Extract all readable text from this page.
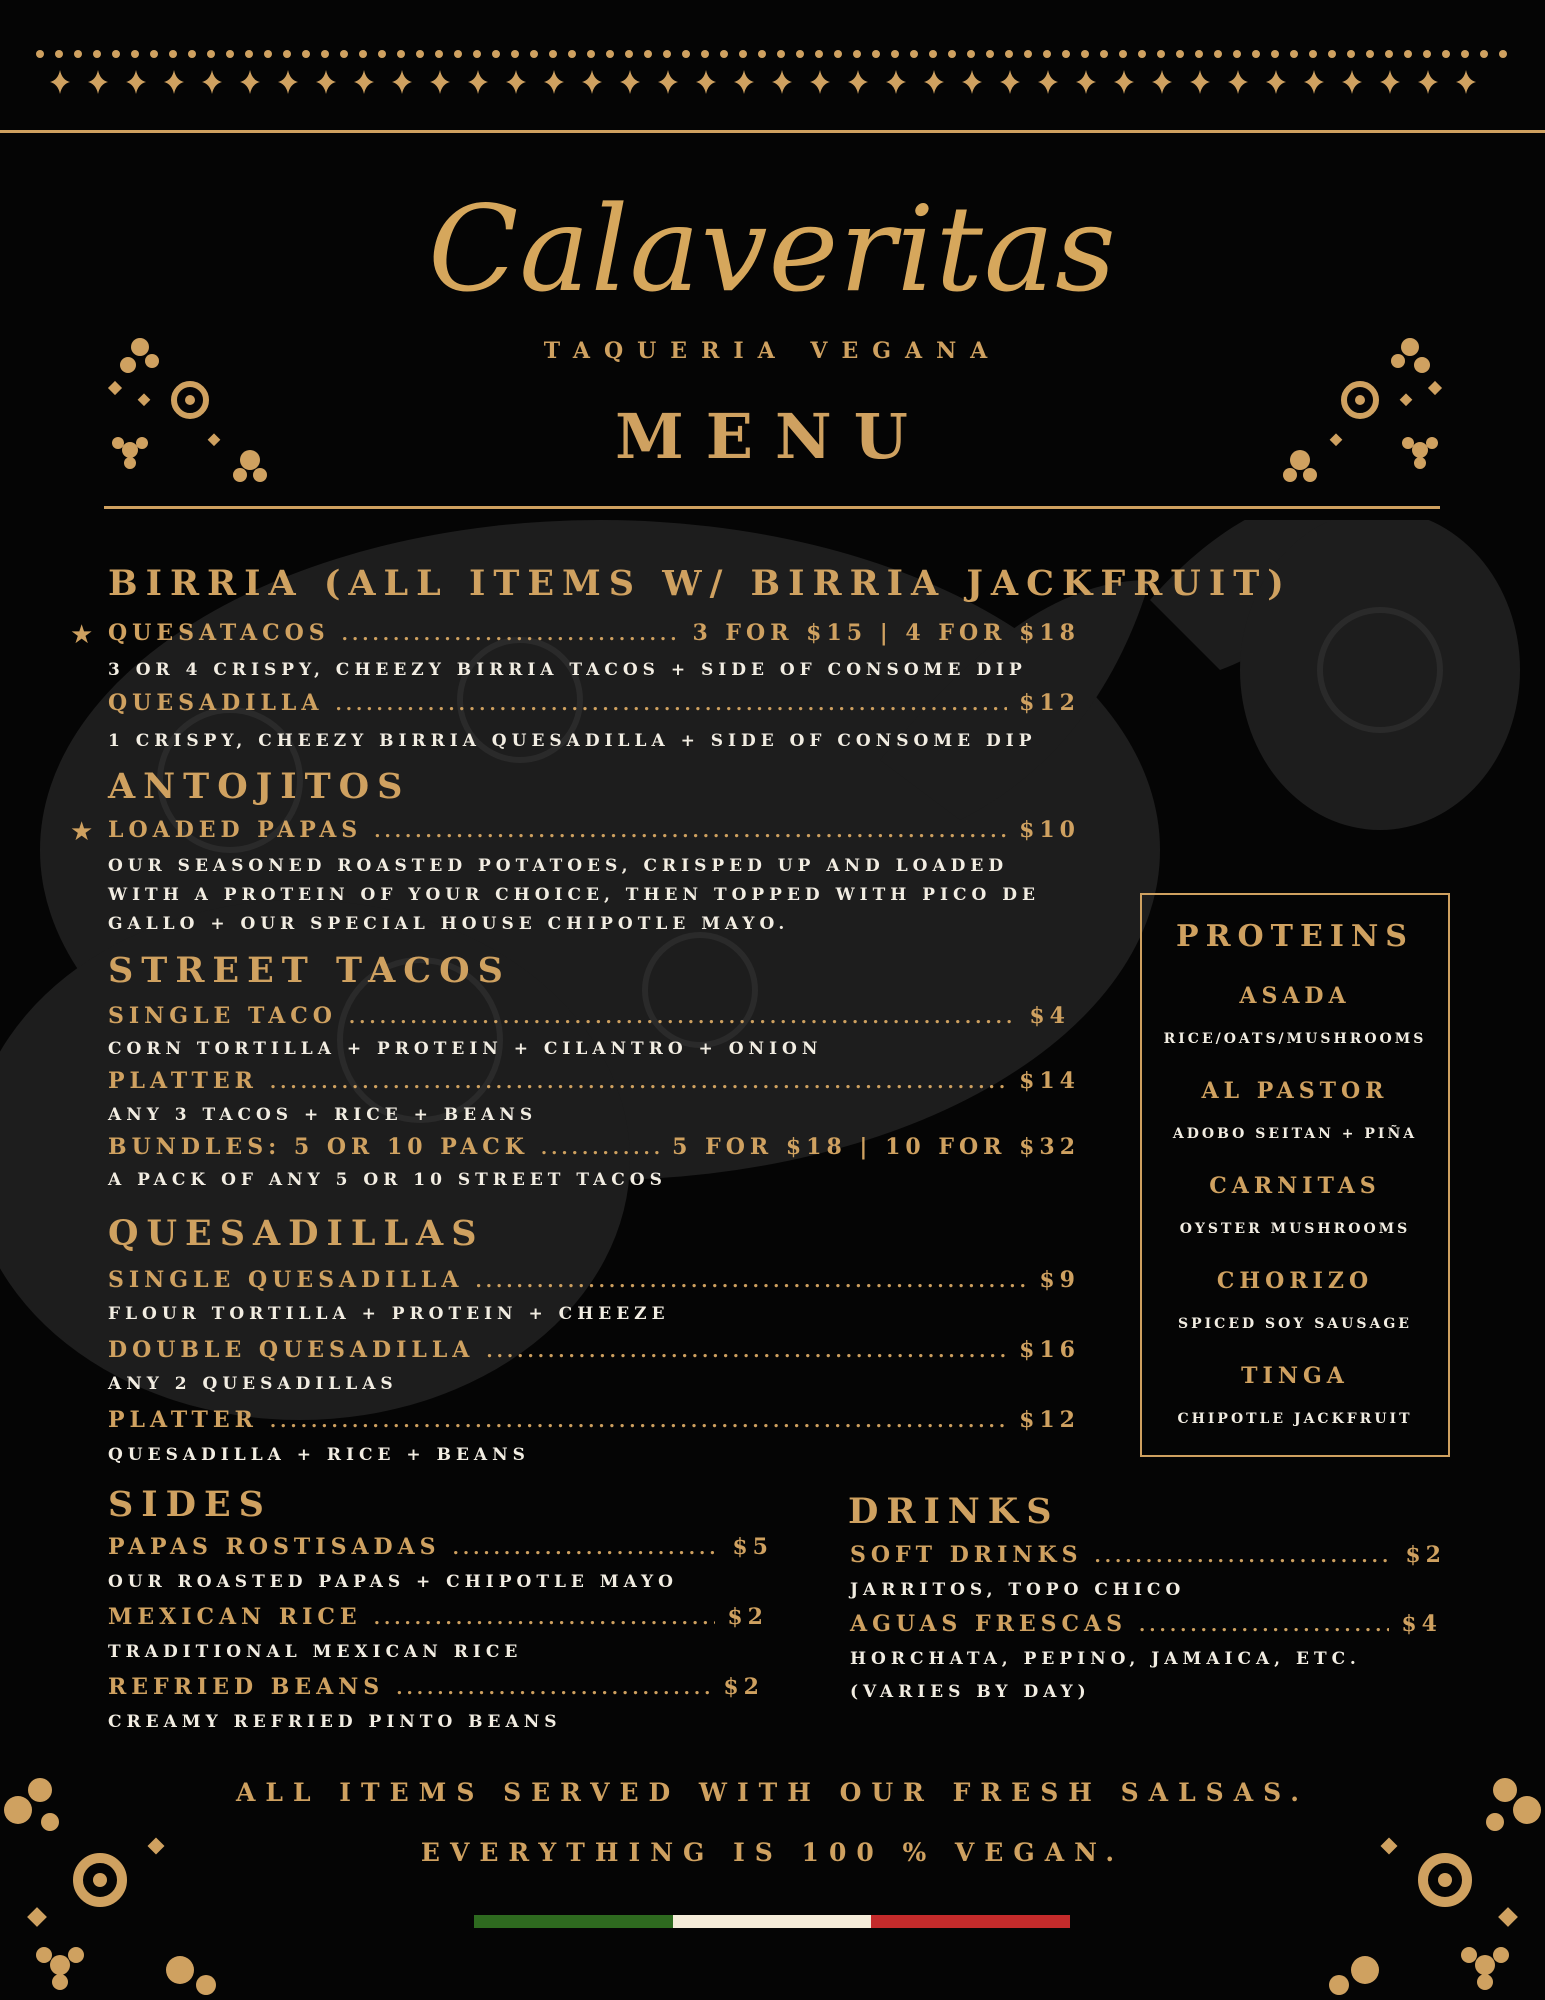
Calaveritas
TAQUERIA VEGANA
MENU
BIRRIA (ALL ITEMS W/ BIRRIA JACKFRUIT)
★ QUESATACOS .....	3 FOR $15 | 4 FOR $18
3 OR 4 CRISPY, CHEEZY BIRRIA TACOS + SIDE OF CONSOME DIP
QUESADILLA .....	$12
1 CRISPY, CHEEZY BIRRIA QUESADILLA + SIDE OF CONSOME DIP
ANTOJITOS
★ LOADED PAPAS .....	$10
OUR SEASONED ROASTED POTATOES, CRISPED UP AND LOADED
WITH A PROTEIN OF YOUR CHOICE, THEN TOPPED WITH PICO DE
GALLO + OUR SPECIAL HOUSE CHIPOTLE MAYO.
STREET TACOS
SINGLE TACO .....	$4
CORN TORTILLA + PROTEIN + CILANTRO + ONION
PLATTER .....	$14
ANY 3 TACOS + RICE + BEANS
BUNDLES: 5 OR 10 PACK .....	5 FOR $18 | 10 FOR $32
A PACK OF ANY 5 OR 10 STREET TACOS
QUESADILLAS
SINGLE QUESADILLA .....	$9
FLOUR TORTILLA + PROTEIN + CHEEZE
DOUBLE QUESADILLA .....	$16
ANY 2 QUESADILLAS
PLATTER .....	$12
QUESADILLA + RICE + BEANS
PROTEINS
ASADA
RICE/OATS/MUSHROOMS
AL PASTOR
ADOBO SEITAN + PIÑA
CARNITAS
OYSTER MUSHROOMS
CHORIZO
SPICED SOY SAUSAGE
TINGA
CHIPOTLE JACKFRUIT
SIDES
PAPAS ROSTISADAS .....	$5
OUR ROASTED PAPAS + CHIPOTLE MAYO
MEXICAN RICE .....	$2
TRADITIONAL MEXICAN RICE
REFRIED BEANS .....	$2
CREAMY REFRIED PINTO BEANS
DRINKS
SOFT DRINKS .....	$2
JARRITOS, TOPO CHICO
AGUAS FRESCAS .....	$4
HORCHATA, PEPINO, JAMAICA, ETC.
(VARIES BY DAY)
ALL ITEMS SERVED WITH OUR FRESH SALSAS.
EVERYTHING IS 100 % VEGAN.
